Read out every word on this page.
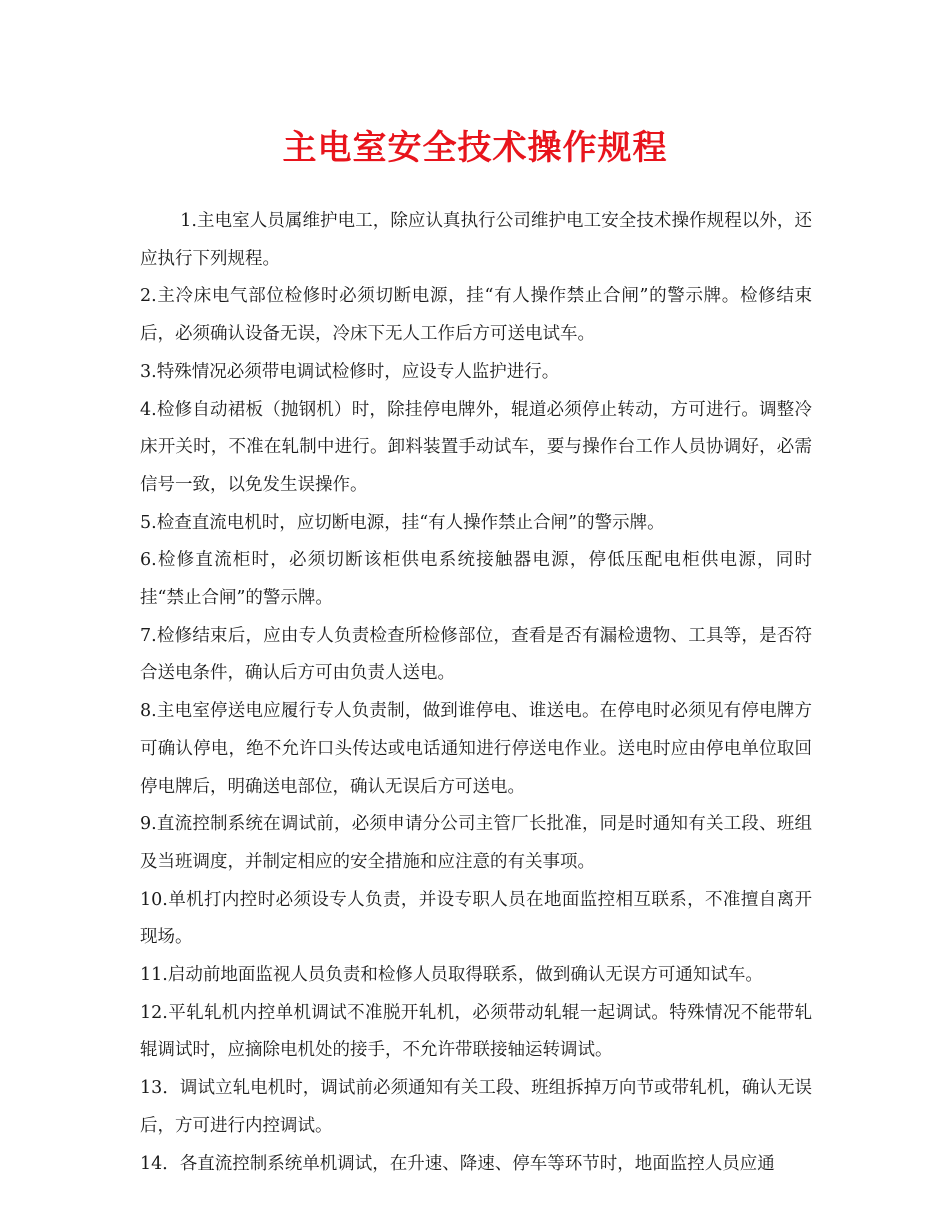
主电室安全技术操作规程

1.主电室人员属维护电工，除应认真执行公司维护电工安全技术操作规程以外，还应执行下列规程。

2.主冷床电气部位检修时必须切断电源，挂“有人操作禁止合闸”的警示牌。检修结束后，必须确认设备无误，冷床下无人工作后方可送电试车。

3.特殊情况必须带电调试检修时，应设专人监护进行。

4.检修自动裙板（抛钢机）时，除挂停电牌外，辊道必须停止转动，方可进行。调整冷床开关时，不准在轧制中进行。卸料装置手动试车，要与操作台工作人员协调好，必需信号一致，以免发生误操作。

5.检查直流电机时，应切断电源，挂“有人操作禁止合闸”的警示牌。

6.检修直流柜时，必须切断该柜供电系统接触器电源，停低压配电柜供电源，同时挂“禁止合闸”的警示牌。

7.检修结束后，应由专人负责检查所检修部位，查看是否有漏检遗物、工具等，是否符合送电条件，确认后方可由负责人送电。

8.主电室停送电应履行专人负责制，做到谁停电、谁送电。在停电时必须见有停电牌方可确认停电，绝不允许口头传达或电话通知进行停送电作业。送电时应由停电单位取回停电牌后，明确送电部位，确认无误后方可送电。

9.直流控制系统在调试前，必须申请分公司主管厂长批准，同是时通知有关工段、班组及当班调度，并制定相应的安全措施和应注意的有关事项。

10.单机打内控时必须设专人负责，并设专职人员在地面监控相互联系，不准擅自离开现场。

11.启动前地面监视人员负责和检修人员取得联系，做到确认无误方可通知试车。

12.平轧轧机内控单机调试不准脱开轧机，必须带动轧辊一起调试。特殊情况不能带轧辊调试时，应摘除电机处的接手，不允许带联接轴运转调试。

13．调试立轧电机时，调试前必须通知有关工段、班组拆掉万向节或带轧机，确认无误后，方可进行内控调试。

14．各直流控制系统单机调试，在升速、降速、停车等环节时，地面监控人员应通
